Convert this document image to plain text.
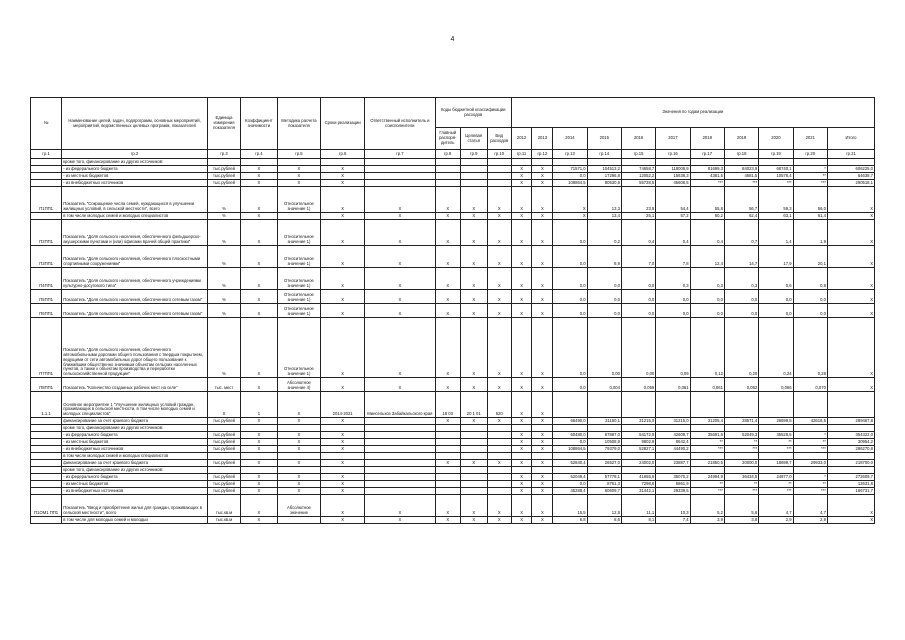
4
№	Наименование целей, задач, подпрограмм, основных мероприятий, мероприятий, ведомственных целевых программ, показателей	Единица измерения показателя	Коэффициент значимости	Методика расчета показателя	Сроки реализации	Ответственный исполнитель и соисполнители	Коды бюджетной классификации расходов			Значения по годам реализации										
							Главный распоря- дитель	Целевая статья	Вид расходов	2012	2013	2014	2015	2016	2017	2018	2019	2020	2021	Итого
гр.1	гр.2	гр.3	гр.4	гр.5	гр.6	гр.7	гр.8	гр.9	гр.10	гр.11	гр.12	гр.13	гр.14	гр.15	гр.16	гр.17	гр.18	гр.19	гр.20	гр.21
	кроме того, финансирование из других источников:																			
	- из федерального бюджета	тыс.рублей	Х	Х	Х					Х	Х	71571,0	104513,2	74658,7	118008,9	81699,3	84023,9	68740,1	*	606225,0
	- из местных бюджетов	тыс.рублей	Х	Х	Х					Х	Х	0,0	17296,8	12052,2	15638,3	4381,5	4681,5	10578,4	**	64638,7
	- из внебюджетных источников	тыс.рублей	Х	Х	Х					Х	Х	108864,5	80530,6	55728,5	45606,5	***	***	***	***	290518,1
П1ПП1	Показатель "Сокращение числа семей, нуждающихся в улучшении жилищных условий, в сельской местности", всего	%	Х	Относительное значение 1)	Х	Х	Х	Х	Х	Х	Х	Х	13,3	23,9	54,4	55,8	56,7	59,3	56,0	Х
	в том числе молодых семей и молодых специалистов	%	Х		Х	Х	Х	Х	Х	Х	Х	Х	13,4	25,1	57,2	60,2	62,4	63,1	61,4	Х
П2ПП1	Показатель "Доля сельского населения, обеспеченного фельдшерско-акушерскими пунктами и (или) офисами врачей общей практики"	%	Х	Относительное значение 1)	Х	Х	Х	Х	Х	Х	Х	0,0	0,2	0,4	0,4	0,4	0,7	1,4	1,9	Х
П3ПП1	Показатель "Доля сельского населения, обеспеченного плоскостными спортивными сооружениями"	%	Х	Относительное значение 1)	Х	Х	Х	Х	Х	Х	Х	0,0	8,9	7,0	7,8	12,4	14,7	17,9	20,1	Х
П4ПП1	Показатель "Доля сельского населения, обеспеченного учреждениями культурно-досугового типа"	%	Х	Относительное значение 1)	Х	Х	Х	Х	Х	Х	Х	0,0	0,0	0,0	0,3	0,3	0,3	0,6	0,8	Х
П5ПП1	Показатель "Доля сельского населения, обеспеченного сетевым газом"	%	Х	Относительное значение 1)	Х	Х	Х	Х	Х	Х	Х	0,0	0,0	0,0	0,0	0,0	0,0	0,0	0,0	Х
П6ПП1	Показатель "Доля сельского населения, обеспеченного сетевым газом"	%	Х	Относительное значение 1)	Х	Х	Х	Х	Х	Х	Х	0,0	0,0	0,0	0,0	0,0	0,0	0,0	0,0	Х
П7ПП1	Показатель "Доля сельского населения, обеспеченного автомобильными дорогами общего пользования с твердым покрытием, ведущими от сети автомобильных дорог общего пользования к ближайшим общественно значимым объектам сельских населенных пунктов, а также к объектам производства и переработки сельскохозяйственной продукции"	%	Х	Относительное значение 1)	Х	Х	Х	Х	Х	Х	Х	0,0	0,00	0,00	0,09	0,12	0,20	0,24	0,28	Х
П8ПП1	Показатель "Количество созданных рабочих мест на селе"	тыс. мест	Х	Абсолютное значение 4)	Х	Х	Х	Х	Х	Х	Х	0,0	0,004	0,059	0,061	0,061	0,062	0,066	0,070	Х
1.1.1	Основное мероприятие 1 "Улучшение жилищных условий граждан, проживающих в сельской местности, в том числе молодых семей и молодых специалистов"	Х	1	Х	2014-2021	Минсельхоз Забайкальского края	18 03	20 1 01	520	Х	Х									
	финансирование за счет краевого бюджета	тыс.рублей	Х	Х	Х		Х	Х	Х	Х	Х	66490,0	31150,1	31215,0	31215,0	31205,4	28571,4	26699,5	42616,5	289467,8
	кроме того, финансирование из других источников:																			
	- из федерального бюджета	тыс.рублей	Х	Х	Х					Х	Х	60480,0	67887,0	54172,9	42609,7	35691,6	52049,3	35528,5	*	354322,0
	- из местных бюджетов	тыс.рублей	Х	Х	Х					Х	Х	0,0	10508,9	9802,9	8642,4	**	**	**	**	30954,2
	- из внебюджетных источников	тыс.рублей	Х	Х	Х					Х	Х	108864,5	79379,0	52827,1	44490,2	***	***	***	***	286270,8
	в том числе молодых семей и молодых специалистов																			
	финансирование за счет краевого бюджета	тыс.рублей	Х	Х	Х		Х	Х	Х	Х	Х	52840,4	26527,0	24002,0	23887,7	21850,5	20000,0	18699,7	29933,0	218700,0
	кроме того, финансирование из других источников:																			
	- из федерального бюджета	тыс.рублей	Х	Х	Х					Х	Х	52049,4	57778,1	41655,6	35070,2	24994,9	36434,5	24877,0	*	272609,7
	- из местных бюджетов	тыс.рублей	Х	Х	Х					Х	Х	0,0	8761,3	7298,6	6861,9	**	**	**	**	12631,8
	- из внебюджетных источников	тыс.рублей	Х	Х	Х					Х	Х	45288,4	60609,7	31442,1	29339,5	***	***	***	***	166731,7
П1ОМ1 ПП1	Показатель "Ввод и приобретение жилья для граждан, проживающих в сельской местности", всего	тыс.кв.м	Х	Абсолютное значение	Х	Х	Х	Х	Х	Х	Х	15,5	12,8	11,1	10,3	5,2	5,6	4,7	4,7	Х
	в том числе для молодых семей и молодых	тыс.кв.м	Х		Х	Х	Х	Х	Х	Х	Х	6,8	8,6	8,1	7,4	3,9	3,8	2,9	2,9	Х
